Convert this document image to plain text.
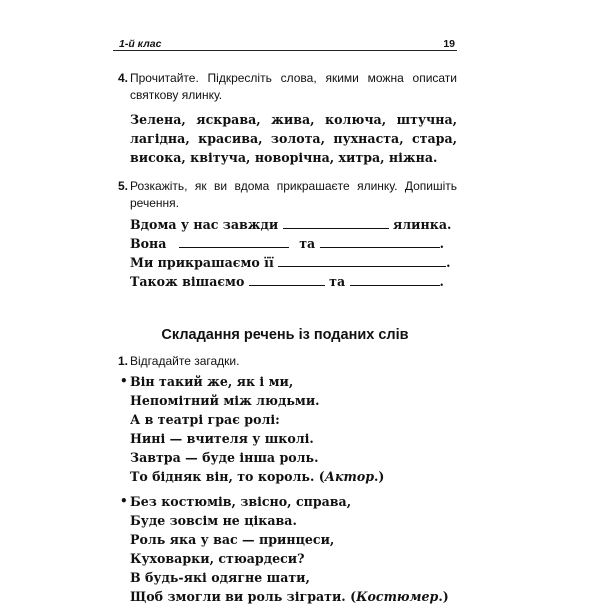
1-й клас	19
4. Прочитайте. Підкресліть слова, якими можна описати святкову ялинку.

Зелена, яскрава, жива, колюча, штучна, лагідна, красива, золота, пухнаста, стара, висока, квітуча, новорічна, хитра, ніжна.
5. Розкажіть, як ви вдома прикрашаєте ялинку. Допишіть речення.

Вдома у нас завжди	ялинка.
Вона	та	.
Ми прикрашаємо її	.
Також вішаємо	та	.
Складання речень із поданих слів
1. Відгадайте загадки.

• Він такий же, як і ми,
Непомітний між людьми.
А в театрі грає ролі:
Нині — вчителя у школі.
Завтра — буде інша роль.
То бідняк він, то король. (Актор.)
• Без костюмів, звісно, справа,
Буде зовсім не цікава.
Роль яка у вас — принцеси,
Куховарки, стюардеси?
В будь-які одягне шати,
Щоб змогли ви роль зіграти. (Костюмер.)
